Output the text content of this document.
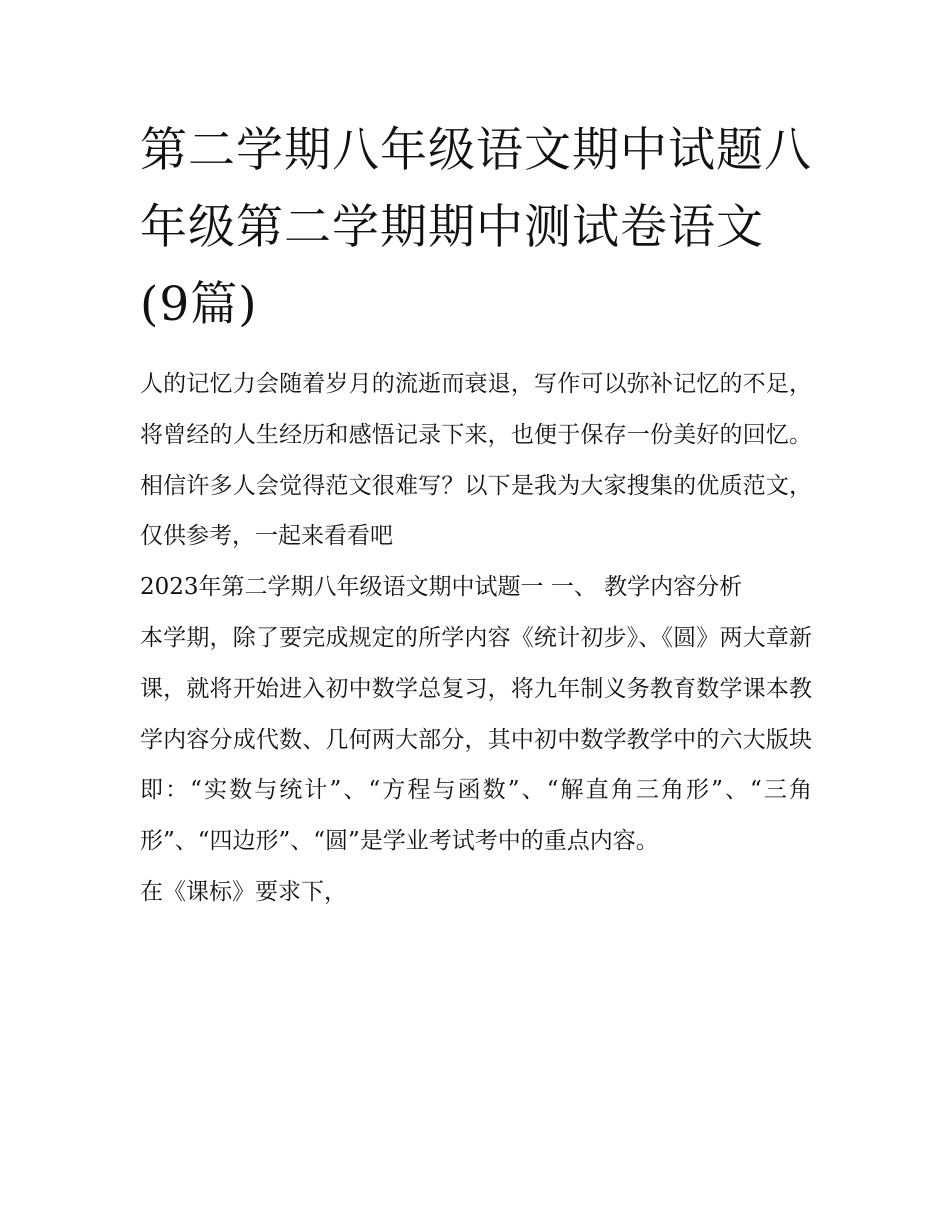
第二学期八年级语文期中试题八年级第二学期期中测试卷语文(9篇)

人的记忆力会随着岁月的流逝而衰退，写作可以弥补记忆的不足，将曾经的人生经历和感悟记录下来，也便于保存一份美好的回忆。相信许多人会觉得范文很难写？以下是我为大家搜集的优质范文，仅供参考，一起来看看吧

2023年第二学期八年级语文期中试题一 一、 教学内容分析

本学期，除了要完成规定的所学内容《统计初步》、《圆》两大章新课，就将开始进入初中数学总复习，将九年制义务教育数学课本教学内容分成代数、几何两大部分，其中初中数学教学中的六大版块即：“实数与统计”、“方程与函数”、“解直角三角形”、“三角形”、“四边形”、“圆”是学业考试考中的重点内容。

在《课标》要求下，
